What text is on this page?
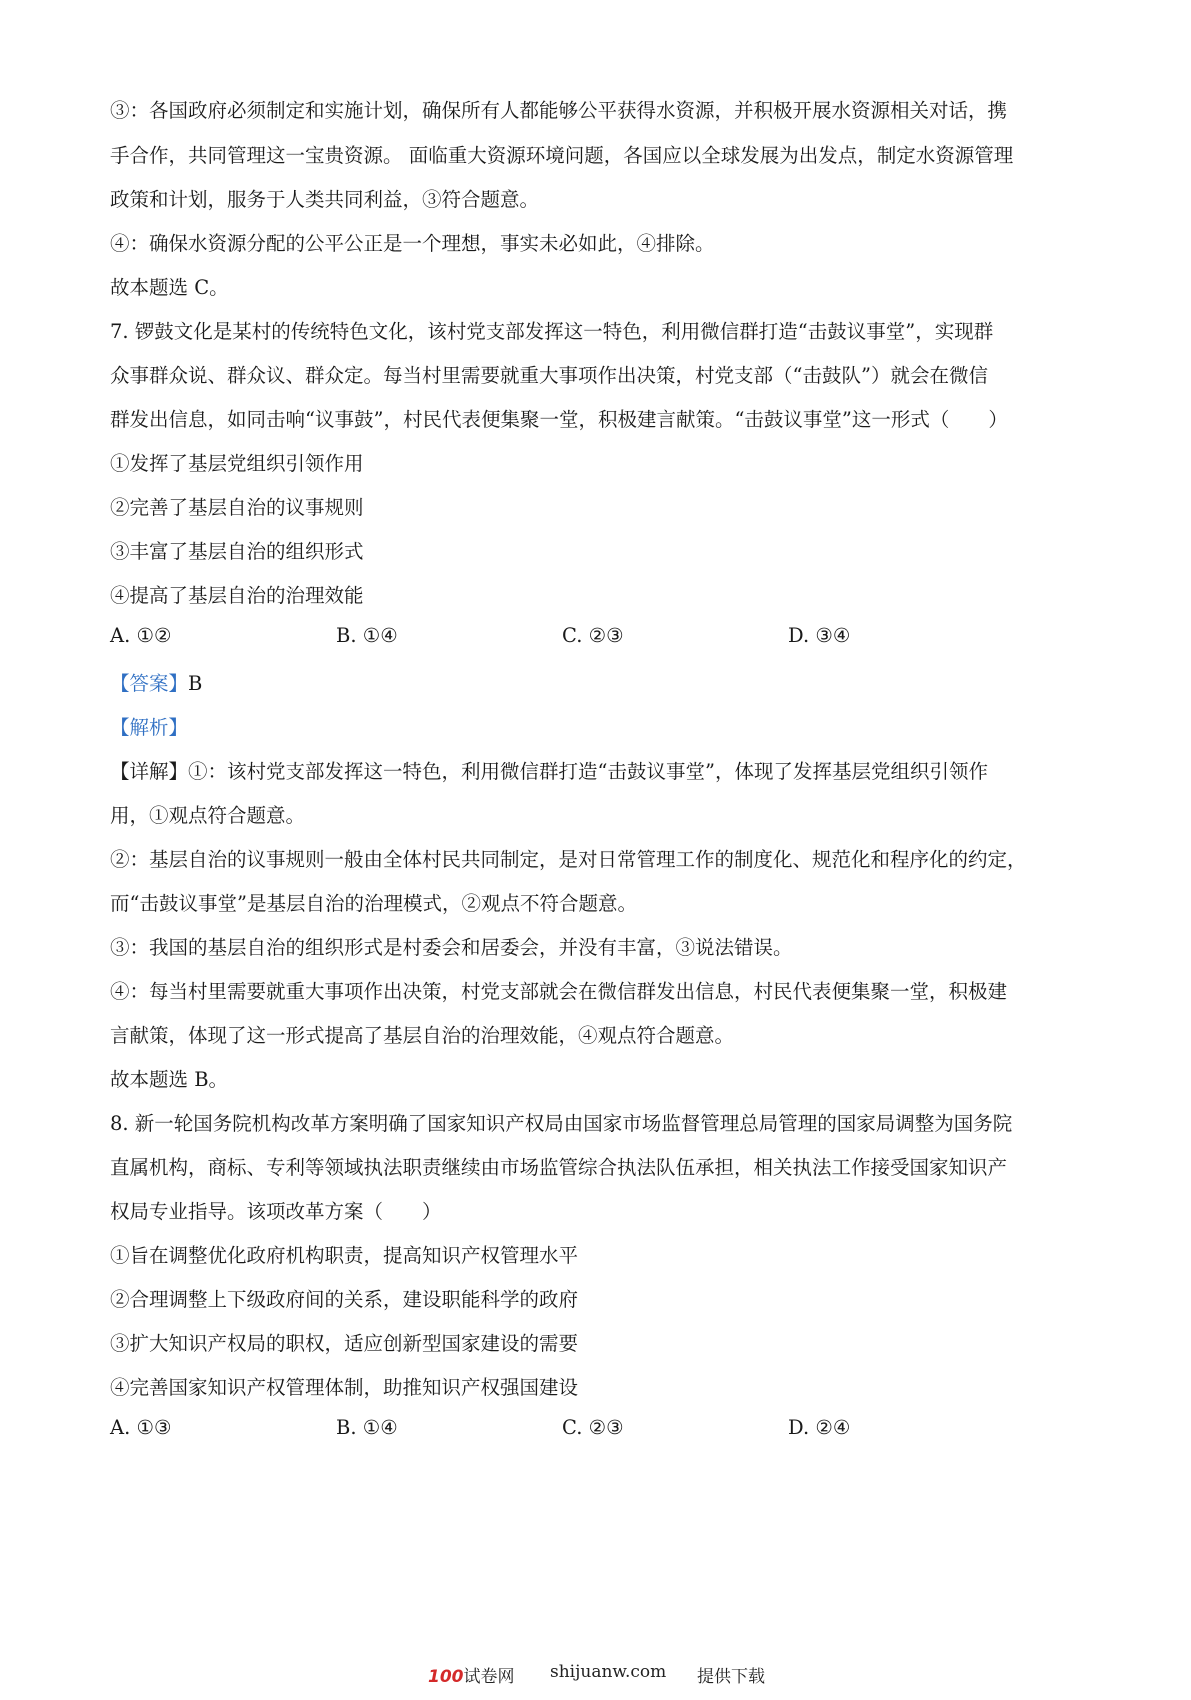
③：各国政府必须制定和实施计划，确保所有人都能够公平获得水资源，并积极开展水资源相关对话，携
手合作，共同管理这一宝贵资源。 面临重大资源环境问题，各国应以全球发展为出发点，制定水资源管理
政策和计划，服务于人类共同利益，③符合题意。
④：确保水资源分配的公平公正是一个理想，事实未必如此，④排除。
故本题选 C。
7. 锣鼓文化是某村的传统特色文化，该村党支部发挥这一特色，利用微信群打造“击鼓议事堂”，实现群
众事群众说、群众议、群众定。每当村里需要就重大事项作出决策，村党支部（“击鼓队”）就会在微信
群发出信息，如同击响“议事鼓”，村民代表便集聚一堂，积极建言献策。“击鼓议事堂”这一形式（　　）
①发挥了基层党组织引领作用
②完善了基层自治的议事规则
③丰富了基层自治的组织形式
④提高了基层自治的治理效能
A. ①②	B. ①④	C. ②③	D. ③④
【答案】B
【解析】
【详解】①：该村党支部发挥这一特色，利用微信群打造“击鼓议事堂”，体现了发挥基层党组织引领作
用，①观点符合题意。
②：基层自治的议事规则一般由全体村民共同制定，是对日常管理工作的制度化、规范化和程序化的约定，
而“击鼓议事堂”是基层自治的治理模式，②观点不符合题意。
③：我国的基层自治的组织形式是村委会和居委会，并没有丰富，③说法错误。
④：每当村里需要就重大事项作出决策，村党支部就会在微信群发出信息，村民代表便集聚一堂，积极建
言献策，体现了这一形式提高了基层自治的治理效能，④观点符合题意。
故本题选 B。
8. 新一轮国务院机构改革方案明确了国家知识产权局由国家市场监督管理总局管理的国家局调整为国务院
直属机构，商标、专利等领域执法职责继续由市场监管综合执法队伍承担，相关执法工作接受国家知识产
权局专业指导。该项改革方案（　　）
①旨在调整优化政府机构职责，提高知识产权管理水平
②合理调整上下级政府间的关系，建设职能科学的政府
③扩大知识产权局的职权，适应创新型国家建设的需要
④完善国家知识产权管理体制，助推知识产权强国建设
A. ①③	B. ①④	C. ②③	D. ②④
100试卷网 shijuanw.com 提供下载
